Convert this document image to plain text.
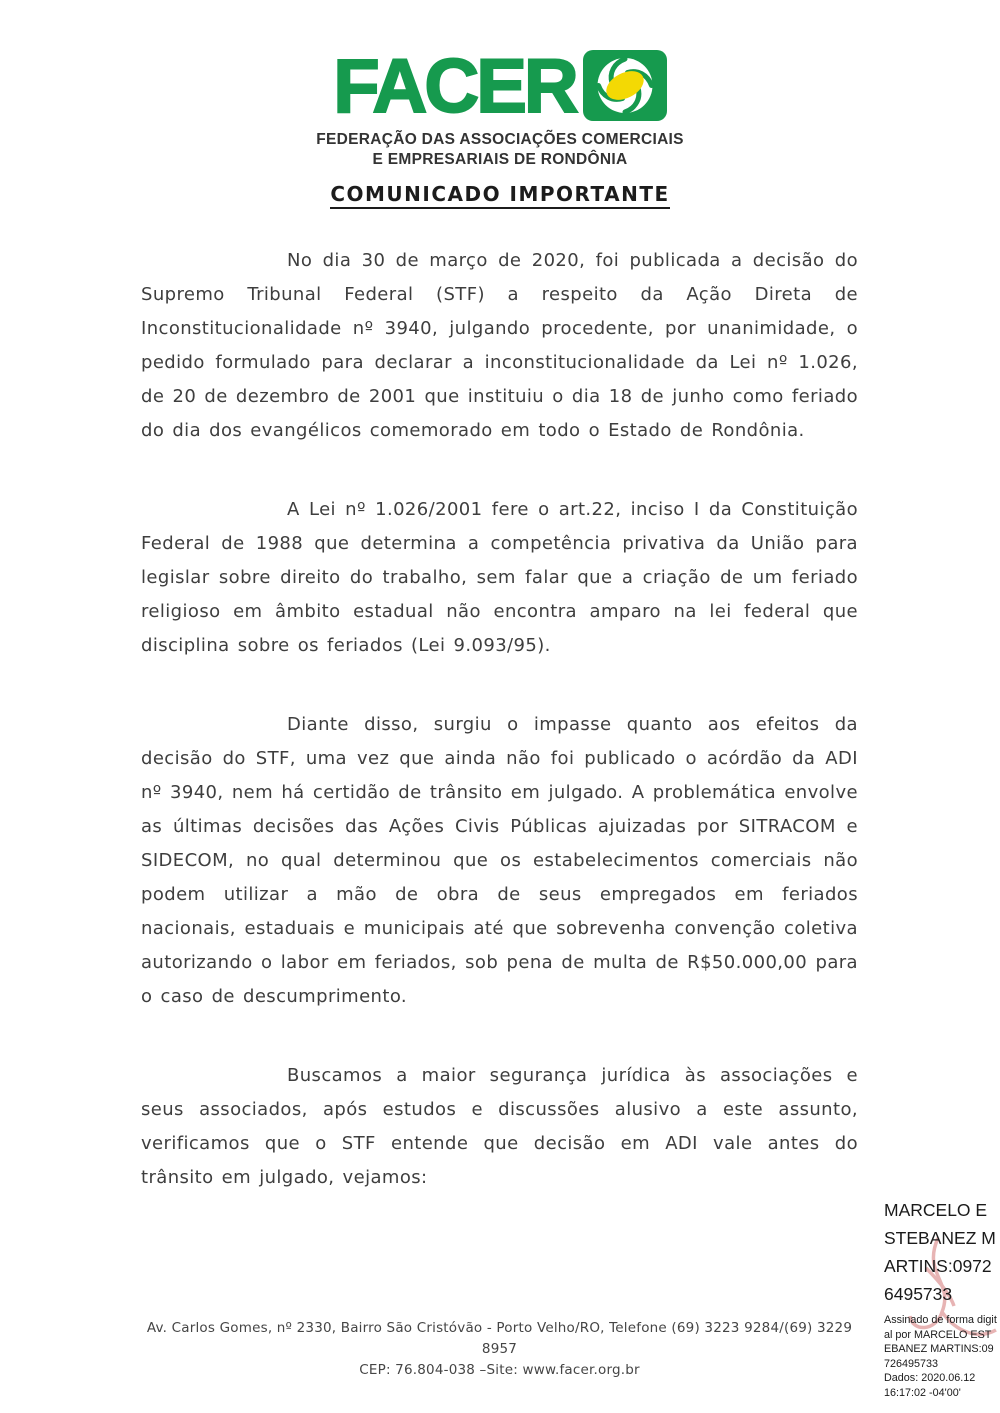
FACER
FEDERAÇÃO DAS ASSOCIAÇÕES COMERCIAIS
E EMPRESARIAIS DE RONDÔNIA
COMUNICADO IMPORTANTE

No dia 30 de março de 2020, foi publicada a decisão do Supremo Tribunal Federal (STF) a respeito da Ação Direta de Inconstitucionalidade nº 3940, julgando procedente, por unanimidade, o pedido formulado para declarar a inconstitucionalidade da Lei nº 1.026, de 20 de dezembro de 2001 que instituiu o dia 18 de junho como feriado do dia dos evangélicos comemorado em todo o Estado de Rondônia.

A Lei nº 1.026/2001 fere o art.22, inciso I da Constituição Federal de 1988 que determina a competência privativa da União para legislar sobre direito do trabalho, sem falar que a criação de um feriado religioso em âmbito estadual não encontra amparo na lei federal que disciplina sobre os feriados (Lei 9.093/95).

Diante disso, surgiu o impasse quanto aos efeitos da decisão do STF, uma vez que ainda não foi publicado o acórdão da ADI nº 3940, nem há certidão de trânsito em julgado. A problemática envolve as últimas decisões das Ações Civis Públicas ajuizadas por SITRACOM e SIDECOM, no qual determinou que os estabelecimentos comerciais não podem utilizar a mão de obra de seus empregados em feriados nacionais, estaduais e municipais até que sobrevenha convenção coletiva autorizando o labor em feriados, sob pena de multa de R$50.000,00 para o caso de descumprimento.

Buscamos a maior segurança jurídica às associações e seus associados, após estudos e discussões alusivo a este assunto, verificamos que o STF entende que decisão em ADI vale antes do trânsito em julgado, vejamos:

MARCELO ESTEBANEZ MARTINS:09726495733
Assinado de forma digital por MARCELO ESTEBANEZ MARTINS:09726495733
Dados: 2020.06.12 16:17:02 -04'00'
Av. Carlos Gomes, nº 2330, Bairro São Cristóvão - Porto Velho/RO, Telefone (69) 3223 9284/(69) 3229 8957
CEP: 76.804-038 –Site: www.facer.org.br
